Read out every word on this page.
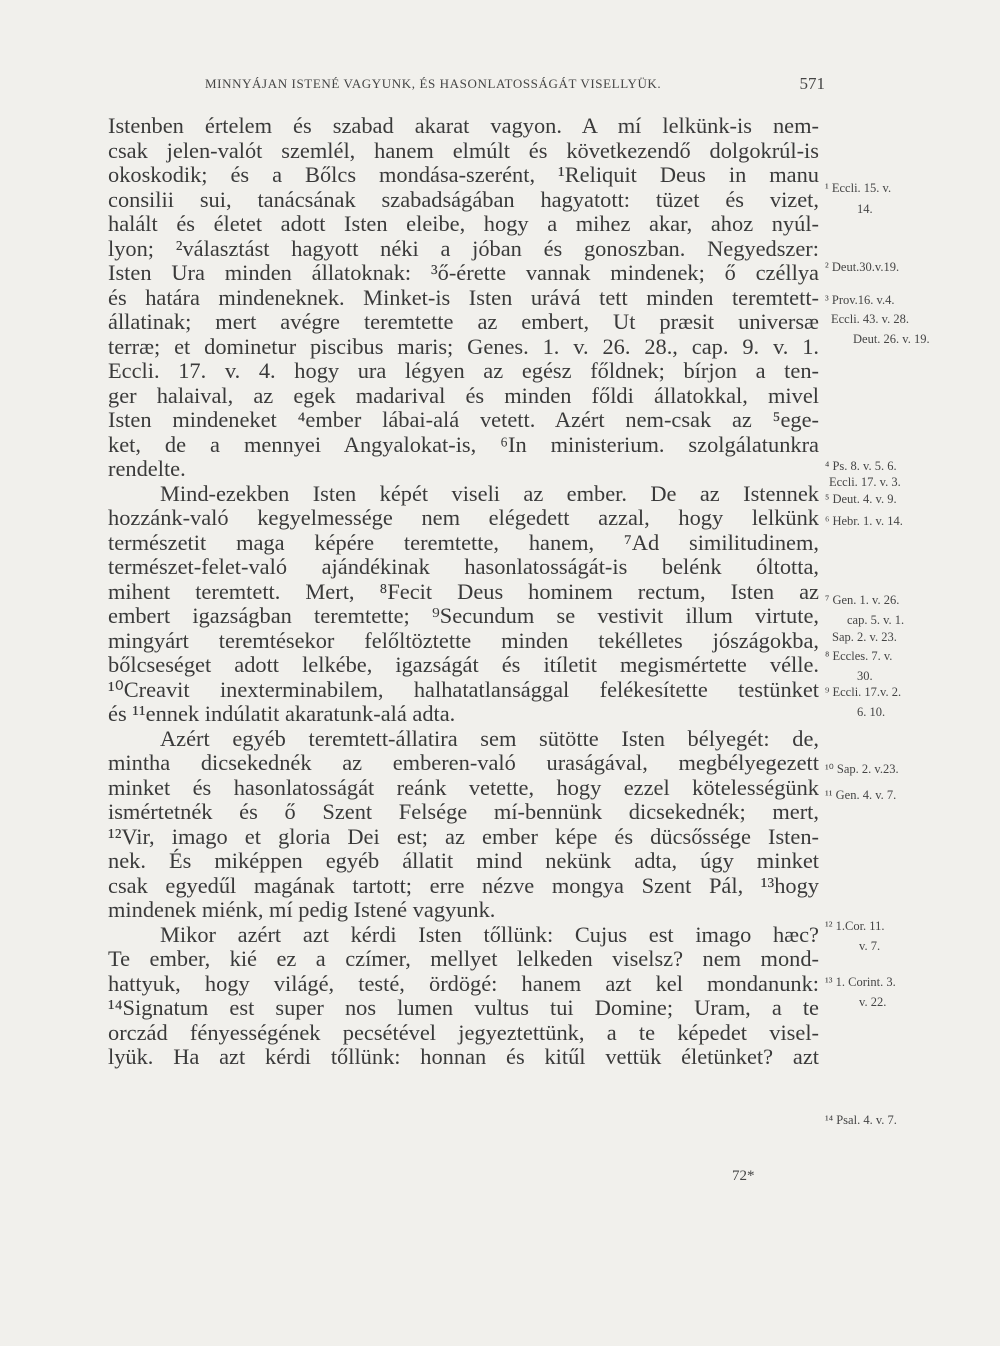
MINNYÁJAN ISTENÉ VAGYUNK, ÉS HASONLATOSSÁGÁT VISELLYÜK.	571
Istenben értelem és szabad akarat vagyon. A mí lelkünk-is nem-
csak jelen-valót szemlél, hanem elmúlt és következendő dolgokrúl-is
okoskodik; és a Bőlcs mondása-szerént, ¹Reliquit Deus in manu
consilii sui, tanácsának szabadságában hagyatott: tüzet és vizet,
halált és életet adott Isten eleibe, hogy a mihez akar, ahoz nyúl-
lyon; ²választást hagyott néki a jóban és gonoszban. Negyedszer:
Isten Ura minden állatoknak: ³ő-érette vannak mindenek; ő czéllya
és határa mindeneknek. Minket-is Isten urává tett minden teremtett-
állatinak; mert avégre teremtette az embert, Ut præsit universæ
terræ; et dominetur piscibus maris; Genes. 1. v. 26. 28., cap. 9. v. 1.
Eccli. 17. v. 4. hogy ura légyen az egész főldnek; bírjon a ten-
ger halaival, az egek madarival és minden főldi állatokkal, mivel
Isten mindeneket ⁴ember lábai-alá vetett. Azért nem-csak az ⁵ege-
ket, de a mennyei Angyalokat-is, ⁶In ministerium. szolgálatunkra
rendelte.
Mind-ezekben Isten képét viseli az ember. De az Istennek
hozzánk-való kegyelmessége nem elégedett azzal, hogy lelkünk
természetit maga képére teremtette, hanem, ⁷Ad similitudinem,
természet-felet-való ajándékinak hasonlatosságát-is belénk óltotta,
mihent teremtett. Mert, ⁸Fecit Deus hominem rectum, Isten az
embert igazságban teremtette; ⁹Secundum se vestivit illum virtute,
mingyárt teremtésekor felőltöztette minden tekélletes jószágokba,
bőlcseséget adott lelkébe, igazságát és itíletit megismértette vélle.
¹⁰Creavit inexterminabilem, halhatatlansággal felékesítette testünket
és ¹¹ennek indúlatit akaratunk-alá adta.
Azért egyéb teremtett-állatira sem sütötte Isten bélyegét: de,
mintha dicsekednék az emberen-való uraságával, megbélyegezett
minket és hasonlatosságát reánk vetette, hogy ezzel kötelességünk
ismértetnék és ő Szent Felsége mí-bennünk dicsekednék; mert,
¹²Vir, imago et gloria Dei est; az ember képe és dücsőssége Isten-
nek. És miképpen egyéb állatit mind nekünk adta, úgy minket
csak egyedűl magának tartott; erre nézve mongya Szent Pál, ¹³hogy
mindenek miénk, mí pedig Istené vagyunk.
Mikor azért azt kérdi Isten tőllünk: Cujus est imago hæc?
Te ember, kié ez a czímer, mellyet lelkeden viselsz? nem mond-
hattyuk, hogy világé, testé, ördögé: hanem azt kel mondanunk:
¹⁴Signatum est super nos lumen vultus tui Domine; Uram, a te
orczád fényességének pecsétével jegyeztettünk, a te képedet visel-
lyük. Ha azt kérdi tőllünk: honnan és kitűl vettük életünket? azt
¹ Eccli. 15. v.
14.
² Deut.30.v.19.
³ Prov.16. v.4.
Eccli. 43. v. 28.
Deut. 26. v. 19.
⁴ Ps. 8. v. 5. 6.
Eccli. 17. v. 3.
⁵ Deut. 4. v. 9.
⁶ Hebr. 1. v. 14.
⁷ Gen. 1. v. 26.
cap. 5. v. 1.
Sap. 2. v. 23.
⁸ Eccles. 7. v.
30.
⁹ Eccli. 17.v. 2.
6. 10.
¹⁰ Sap. 2. v.23.
¹¹ Gen. 4. v. 7.
¹² 1.Cor. 11.
v. 7.
¹³ 1. Corint. 3.
v. 22.
¹⁴ Psal. 4. v. 7.
72*
